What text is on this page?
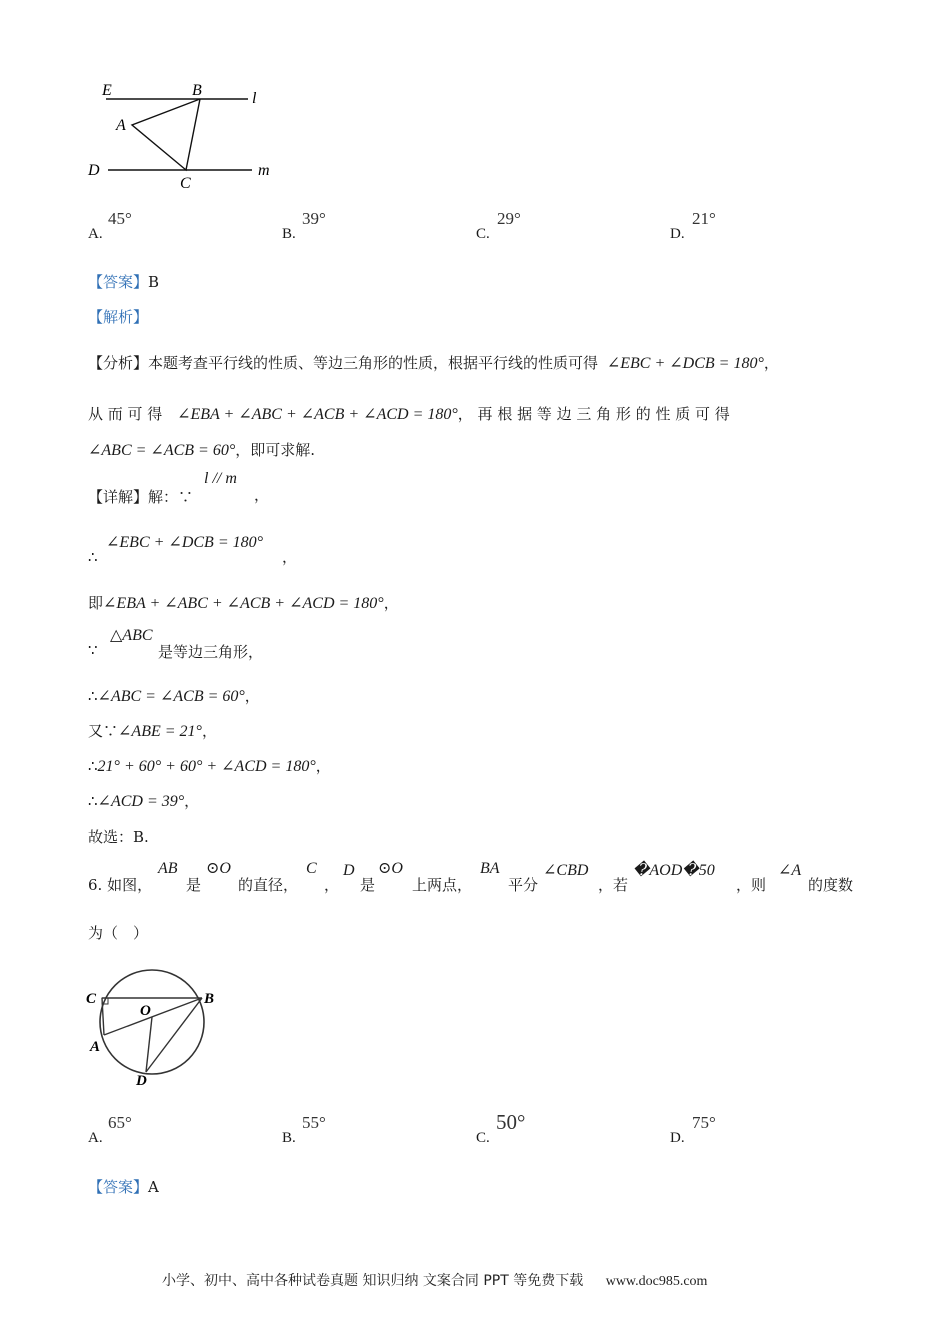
E	B	l
A
D
C
m
A.
45°
B.
39°
C.
29°
D.
21°
【答案】B
【解析】
【分析】本题考查平行线的性质、等边三角形的性质，根据平行线的性质可得 ∠EBC + ∠DCB = 180°，
从 而 可 得 ∠EBA + ∠ABC + ∠ACB + ∠ACD = 180°， 再 根 据 等 边 三 角 形 的 性 质 可 得
∠ABC = ∠ACB = 60°，即可求解.
【详解】解：∵
l // m
，
∴
∠EBC + ∠DCB = 180°
，
即∠EBA + ∠ABC + ∠ACB + ∠ACD = 180°，
∵
△ABC
是等边三角形，
∴∠ABC = ∠ACB = 60°，
又∵∠ABE = 21°，
∴21° + 60° + 60° + ∠ACD = 180°，
∴∠ACD = 39°，
故选：B.
6. 如图，
AB
是
⊙O
的直径，
C
，
D
是
⊙O
上两点，
BA
平分
∠CBD
，若
�AOD�50
，则
∠A
的度数
为（　）
C
O
B
A
D
A.
65°
B.
55°
C.
50°
D.
75°
【答案】A
小学、初中、高中各种试卷真题 知识归纳 文案合同 PPT 等免费下载 www.doc985.com
